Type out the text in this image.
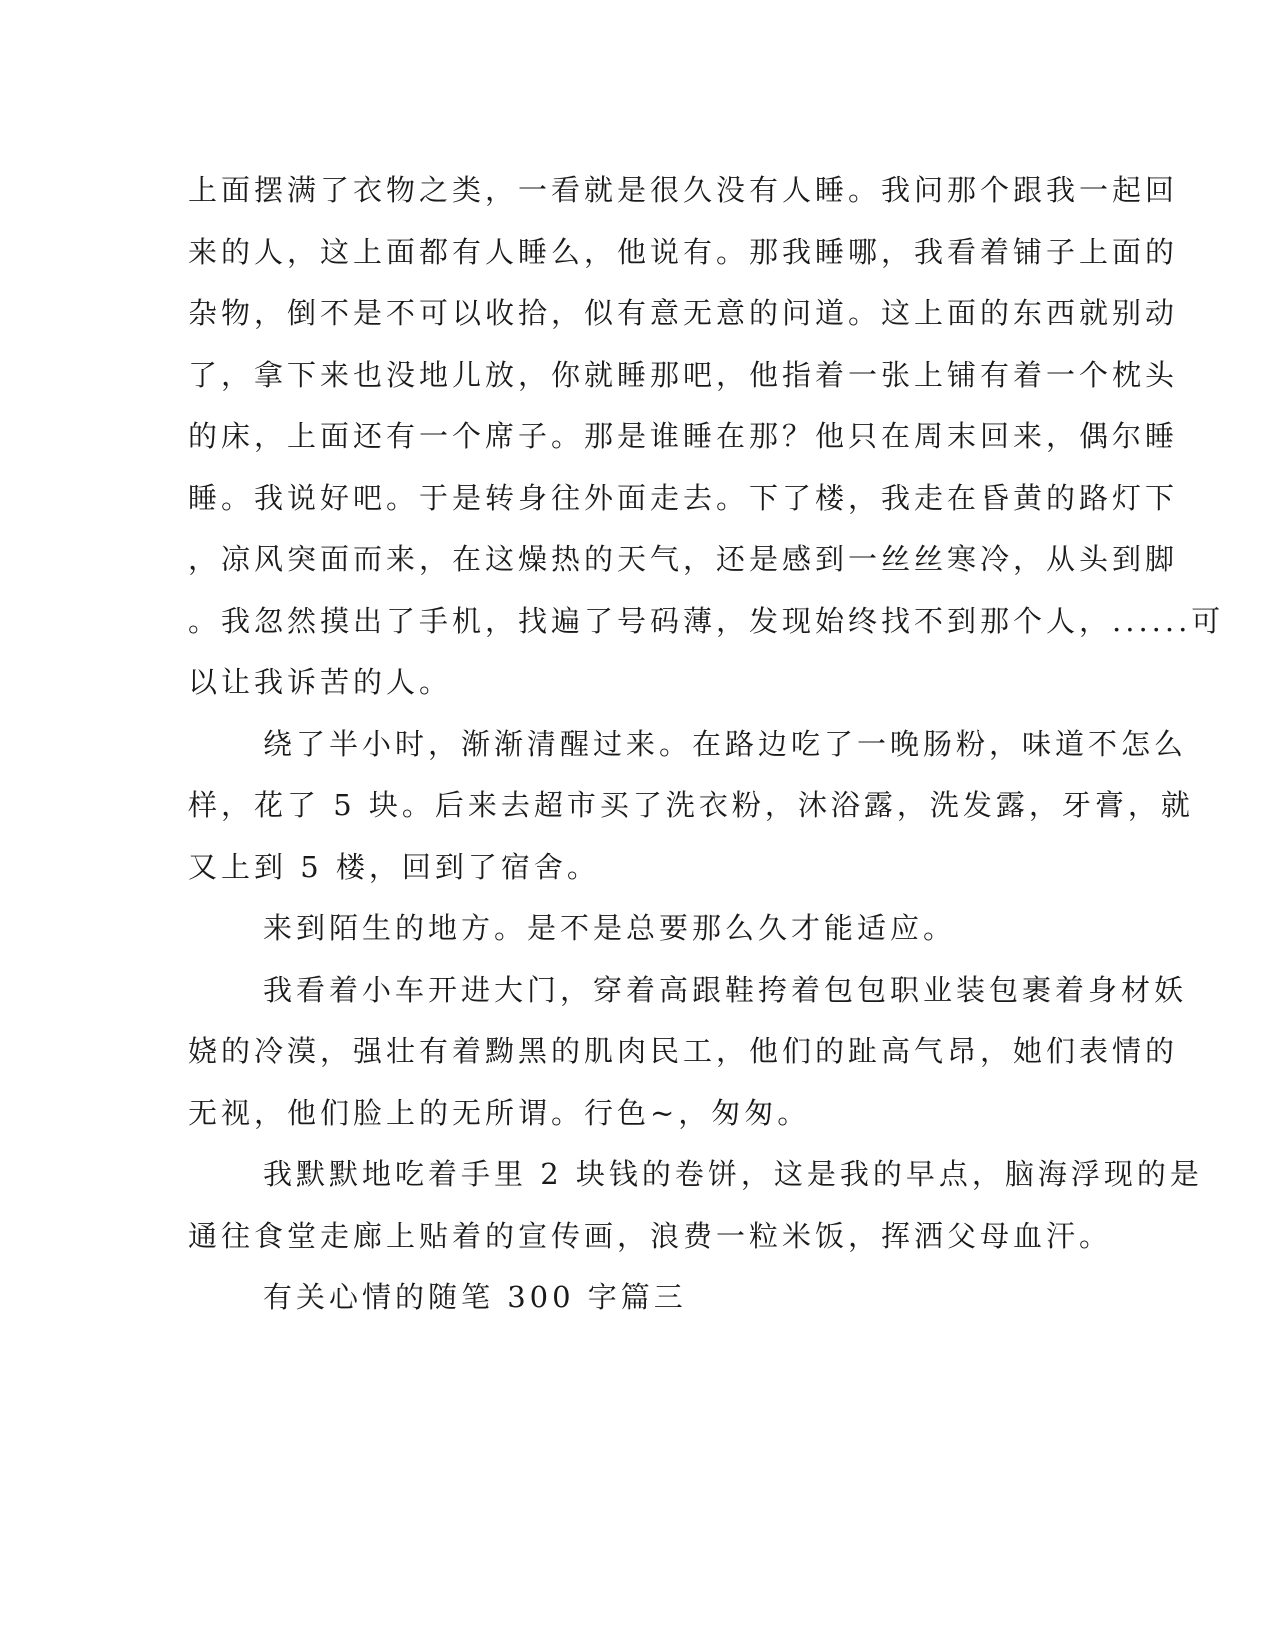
上面摆满了衣物之类，一看就是很久没有人睡。我问那个跟我一起回
来的人，这上面都有人睡么，他说有。那我睡哪，我看着铺子上面的
杂物，倒不是不可以收拾，似有意无意的问道。这上面的东西就别动
了，拿下来也没地儿放，你就睡那吧，他指着一张上铺有着一个枕头
的床，上面还有一个席子。那是谁睡在那？他只在周末回来，偶尔睡
睡。我说好吧。于是转身往外面走去。下了楼，我走在昏黄的路灯下
，凉风突面而来，在这燥热的天气，还是感到一丝丝寒冷，从头到脚
。我忽然摸出了手机，找遍了号码薄，发现始终找不到那个人，......可
以让我诉苦的人。

绕了半小时，渐渐清醒过来。在路边吃了一晚肠粉，味道不怎么
样，花了 5 块。后来去超市买了洗衣粉，沐浴露，洗发露，牙膏，就
又上到 5 楼，回到了宿舍。

来到陌生的地方。是不是总要那么久才能适应。

我看着小车开进大门，穿着高跟鞋挎着包包职业装包裹着身材妖
娆的冷漠，强壮有着黝黑的肌肉民工，他们的趾高气昂，她们表情的
无视，他们脸上的无所谓。行色~，匆匆。

我默默地吃着手里 2 块钱的卷饼，这是我的早点，脑海浮现的是
通往食堂走廊上贴着的宣传画，浪费一粒米饭，挥洒父母血汗。

有关心情的随笔 300 字篇三
